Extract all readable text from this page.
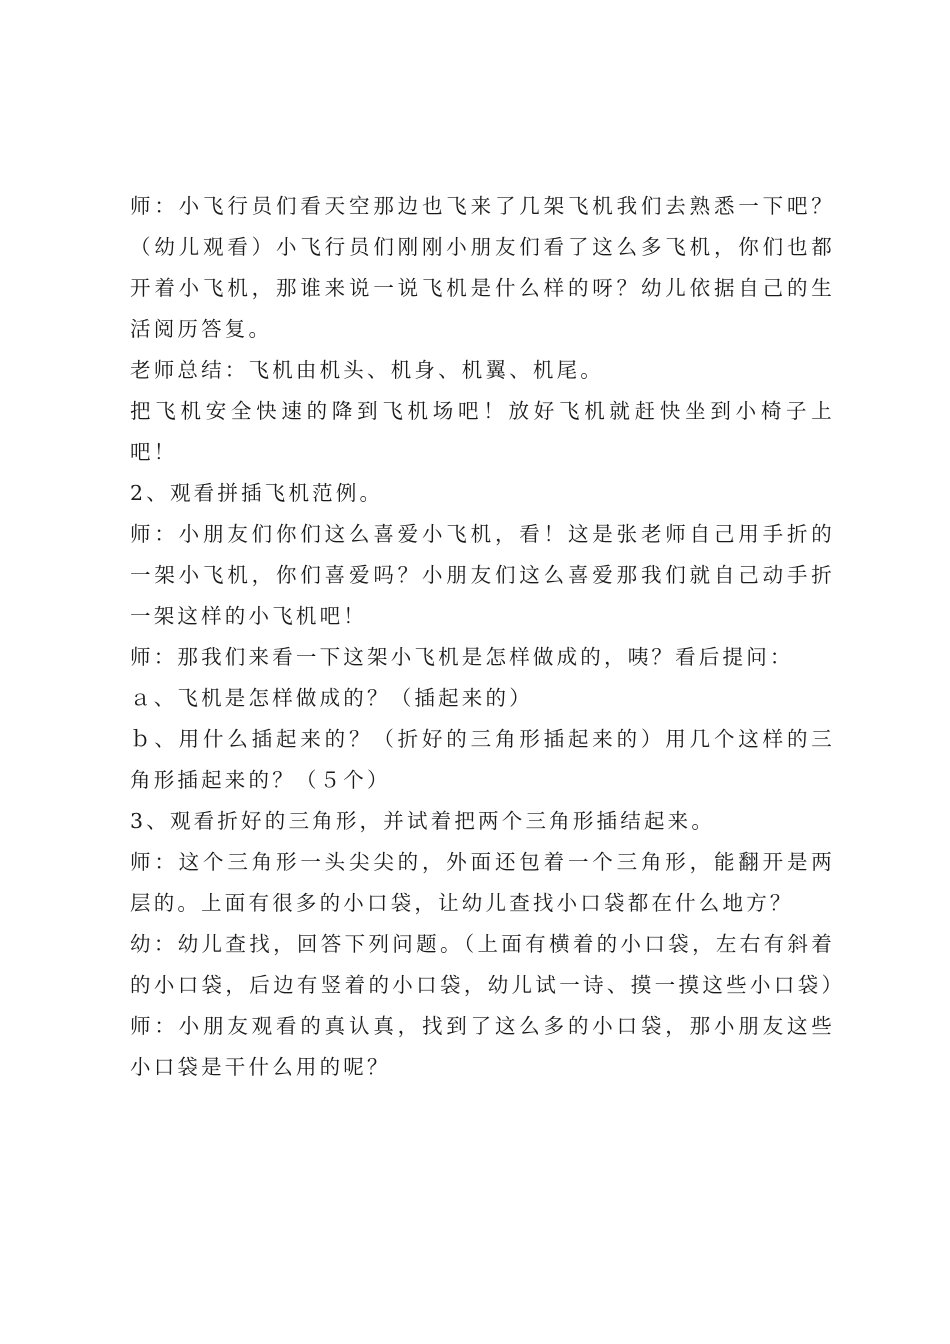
师：小飞行员们看天空那边也飞来了几架飞机我们去熟悉一下吧？（幼儿观看）小飞行员们刚刚小朋友们看了这么多飞机，你们也都开着小飞机，那谁来说一说飞机是什么样的呀？幼儿依据自己的生活阅历答复。

老师总结：飞机由机头、机身、机翼、机尾。

把飞机安全快速的降到飞机场吧！放好飞机就赶快坐到小椅子上吧！

2、观看拼插飞机范例。

师：小朋友们你们这么喜爱小飞机，看！这是张老师自己用手折的一架小飞机，你们喜爱吗？小朋友们这么喜爱那我们就自己动手折一架这样的小飞机吧！

师：那我们来看一下这架小飞机是怎样做成的，咦？看后提问：

ａ、飞机是怎样做成的？（插起来的）

ｂ、用什么插起来的？（折好的三角形插起来的）用几个这样的三角形插起来的？（５个）

3、观看折好的三角形，并试着把两个三角形插结起来。

师：这个三角形一头尖尖的，外面还包着一个三角形，能翻开是两层的。上面有很多的小口袋，让幼儿查找小口袋都在什么地方？

幼：幼儿查找，回答下列问题。（上面有横着的小口袋，左右有斜着的小口袋，后边有竖着的小口袋，幼儿试一诗、摸一摸这些小口袋）师：小朋友观看的真认真，找到了这么多的小口袋，那小朋友这些小口袋是干什么用的呢？
